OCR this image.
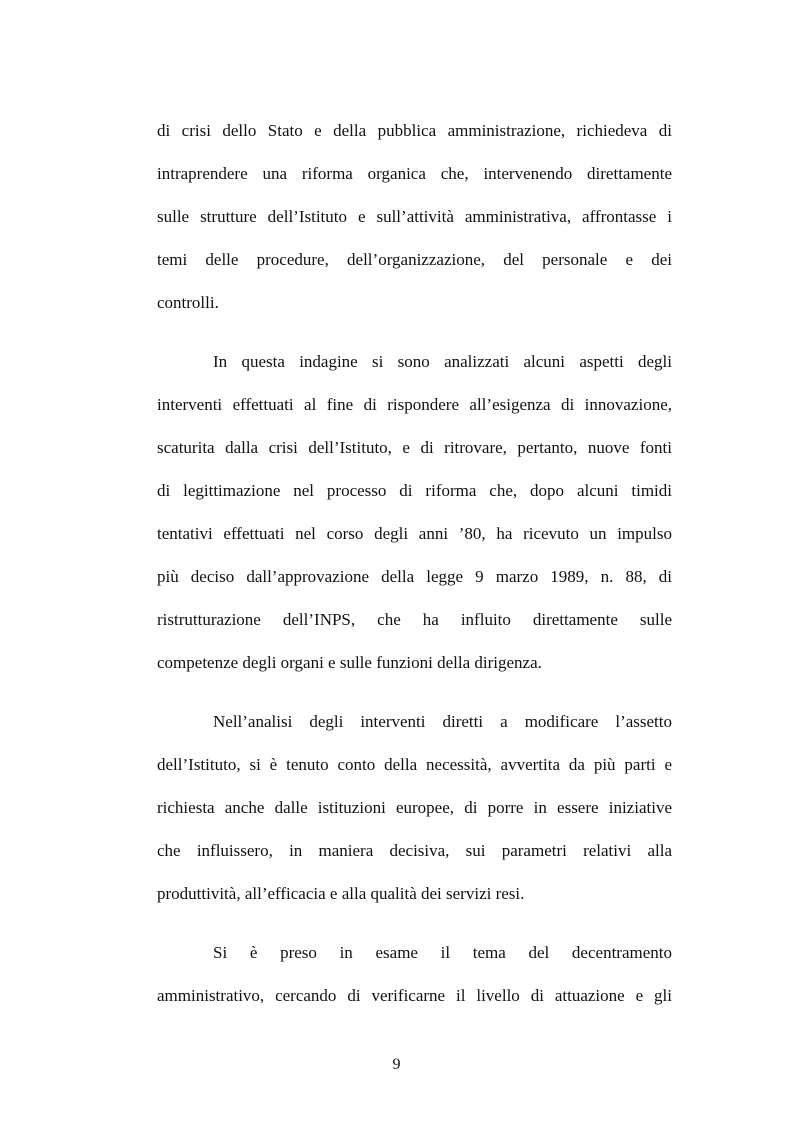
di crisi dello Stato e della pubblica amministrazione, richiedeva di
intraprendere una riforma organica che, intervenendo direttamente
sulle strutture dell’Istituto e sull’attività amministrativa, affrontasse i
temi delle procedure, dell’organizzazione, del personale e dei
controlli.
In questa indagine si sono analizzati alcuni aspetti degli
interventi effettuati al fine di rispondere all’esigenza di innovazione,
scaturita dalla crisi dell’Istituto, e di ritrovare, pertanto, nuove fonti
di legittimazione nel processo di riforma che, dopo alcuni timidi
tentativi effettuati nel corso degli anni ’80, ha ricevuto un impulso
più deciso dall’approvazione della legge 9 marzo 1989, n. 88, di
ristrutturazione dell’INPS, che ha influito direttamente sulle
competenze degli organi e sulle funzioni della dirigenza.
Nell’analisi degli interventi diretti a modificare l’assetto
dell’Istituto, si è tenuto conto della necessità, avvertita da più parti e
richiesta anche dalle istituzioni europee, di porre in essere iniziative
che influissero, in maniera decisiva, sui parametri relativi alla
produttività, all’efficacia e alla qualità dei servizi resi.
Si è preso in esame il tema del decentramento
amministrativo, cercando di verificarne il livello di attuazione e gli
9
